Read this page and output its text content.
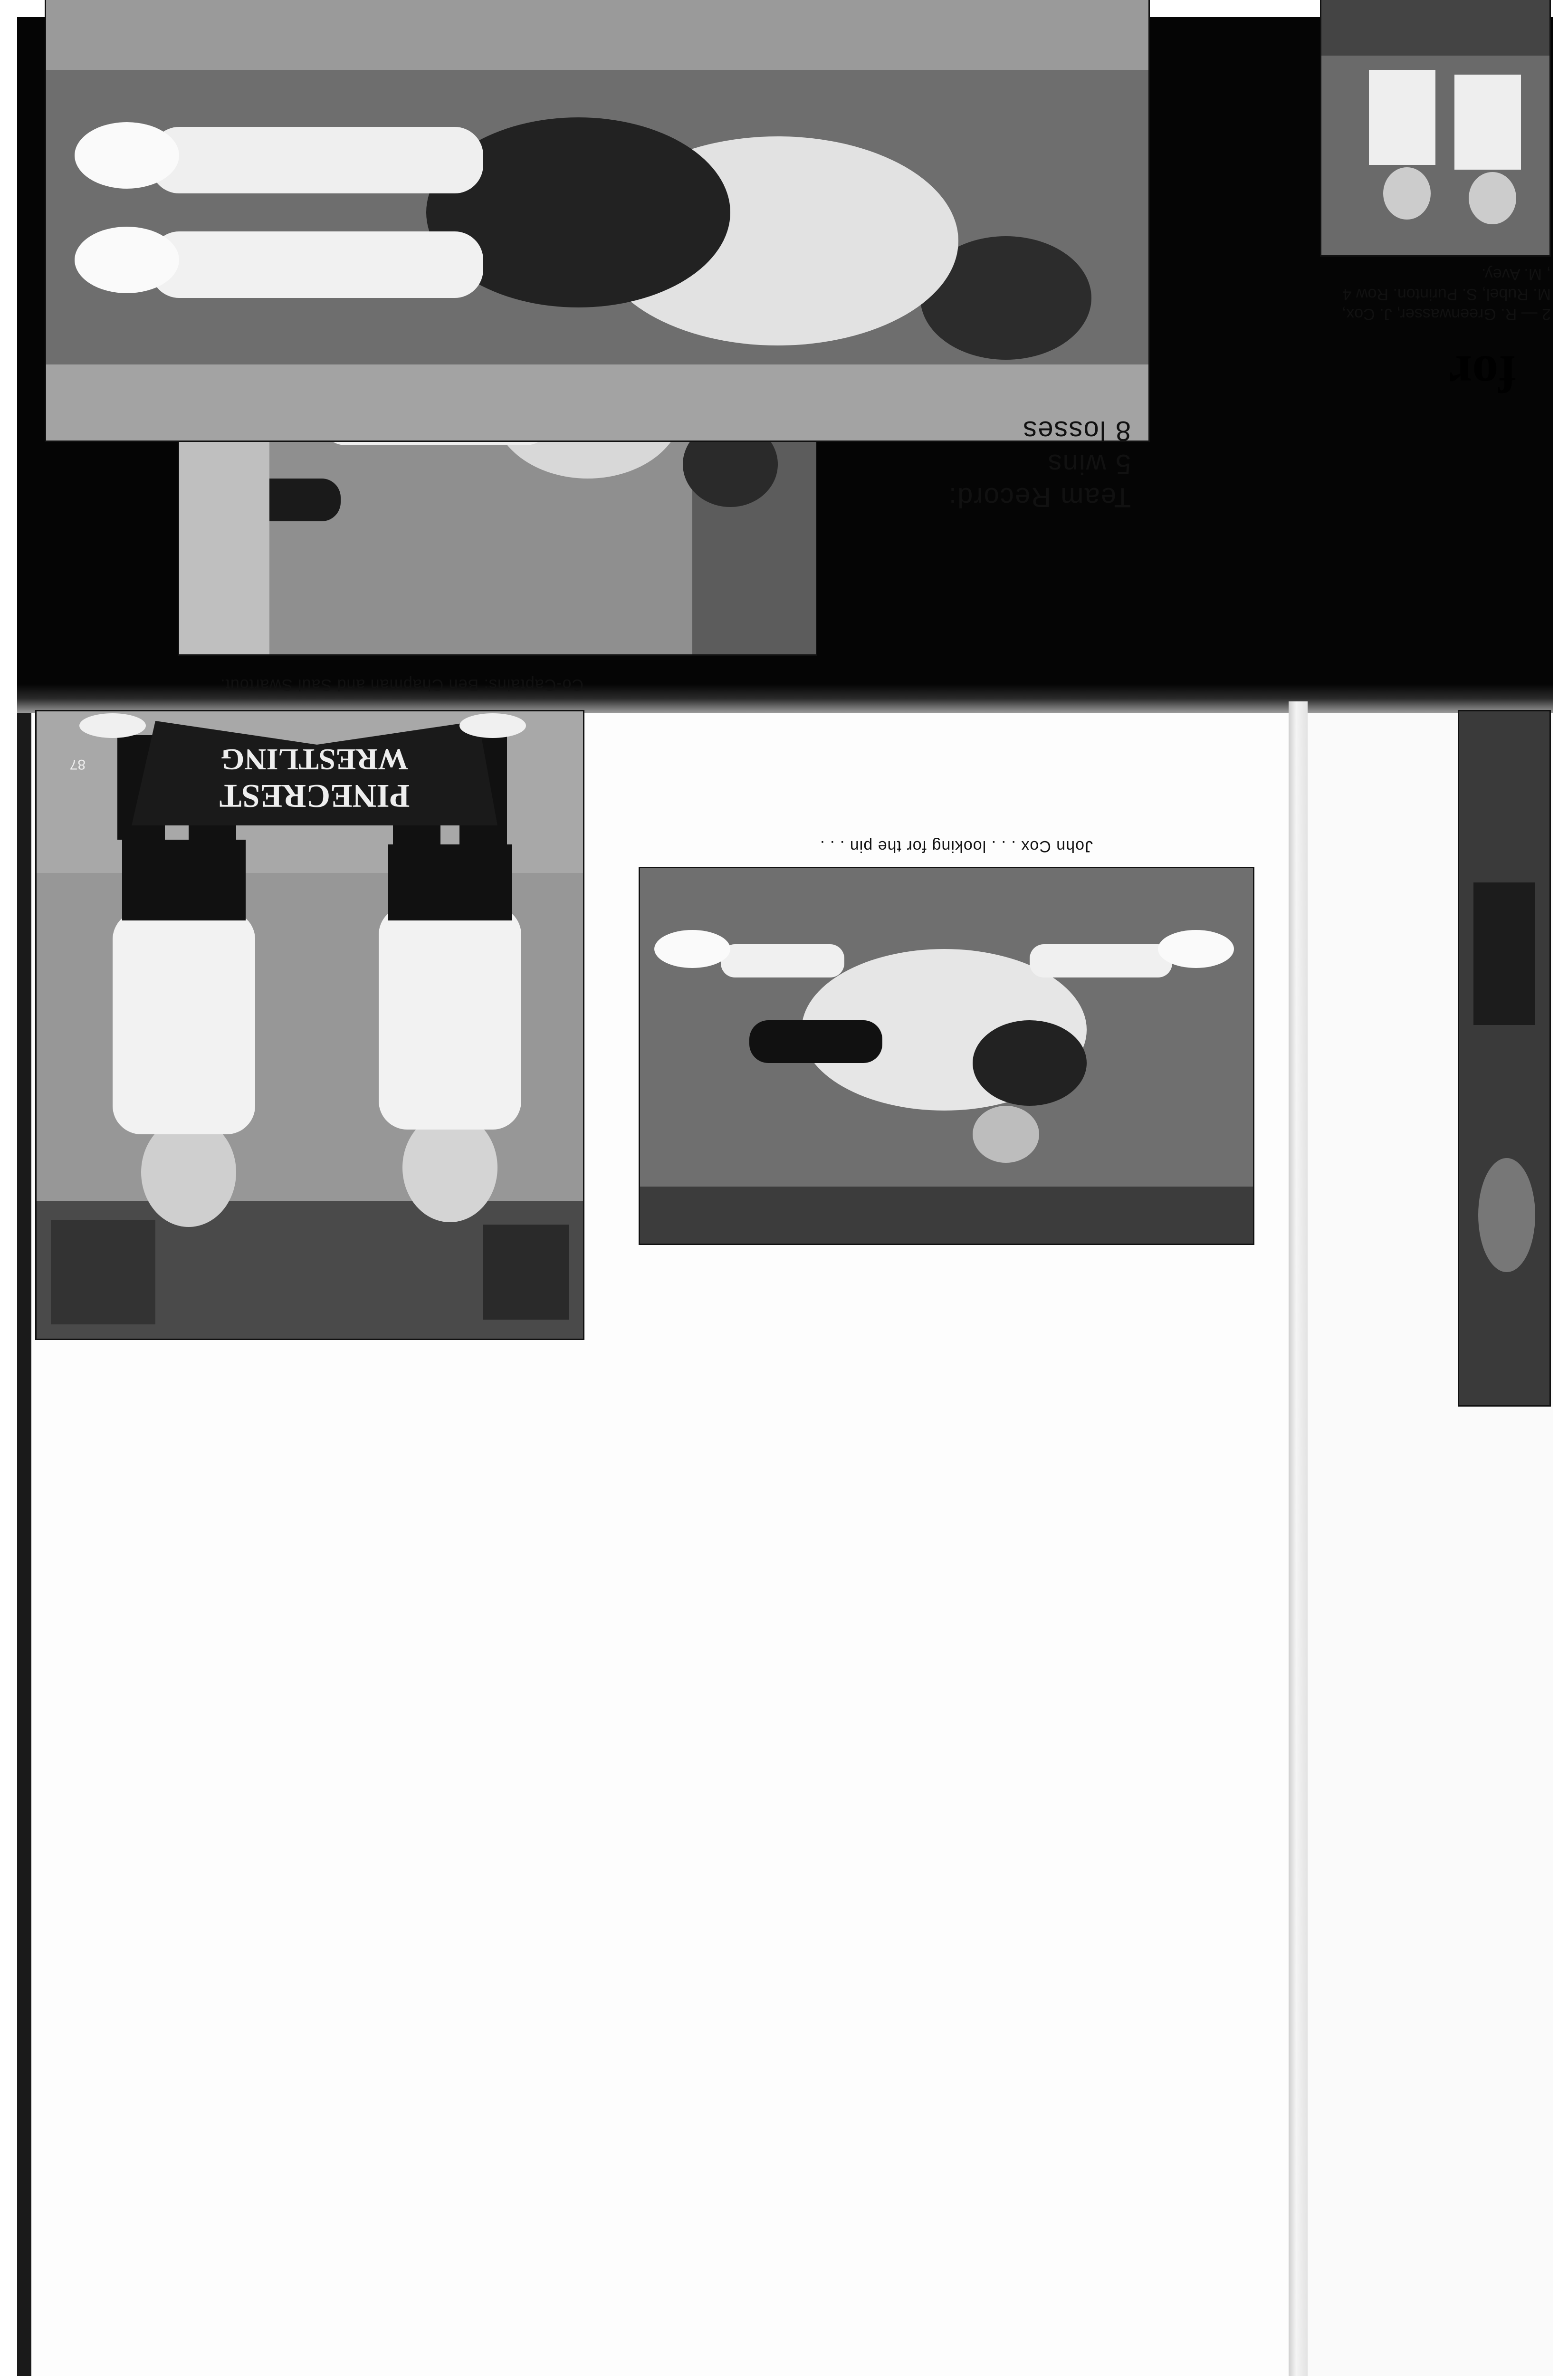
PINECREST
WRESTLING

87

Co-Captains: Ben Chapman and Saul Swartout.

John Cox . . . looking for the pin . . .

Team Record:

5 wins

8 losses

for

2 — R. Greenwasser, J. Cox,

M. Rubel, S. Purinton. Row 4

, M. Avey.
